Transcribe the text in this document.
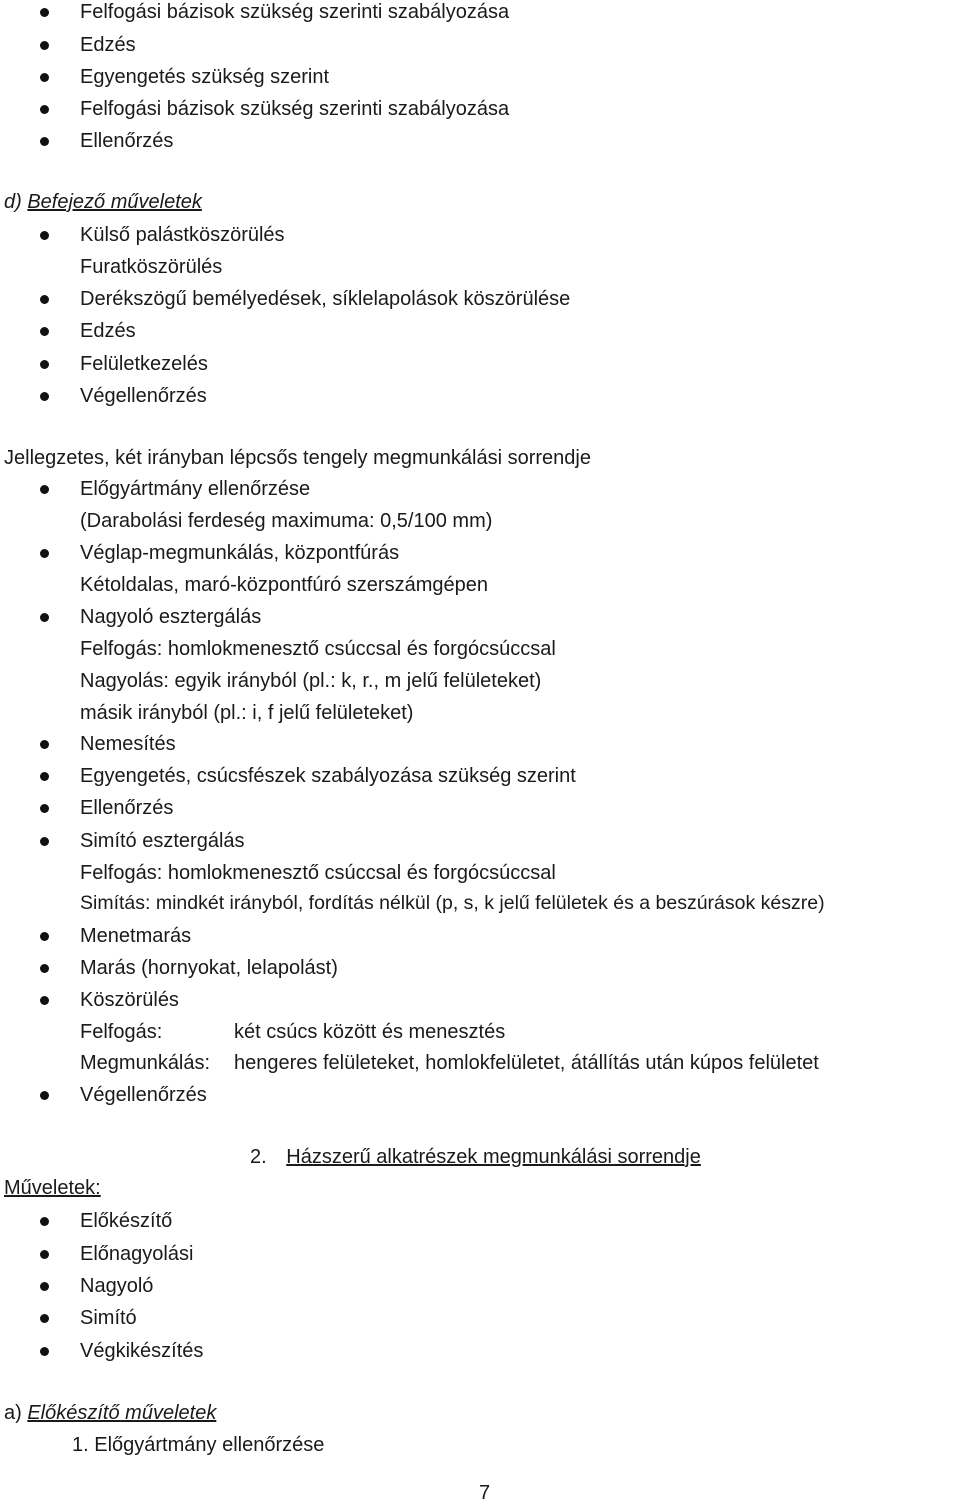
Felfogási bázisok szükség szerinti szabályozása
Edzés
Egyengetés szükség szerint
Felfogási bázisok szükség szerinti szabályozása
Ellenőrzés
d) Befejező műveletek
Külső palástköszörülés
Furatköszörülés
Derékszögű bemélyedések, síklelapolások köszörülése
Edzés
Felületkezelés
Végellenőrzés
Jellegzetes, két irányban lépcsős tengely megmunkálási sorrendje
Előgyártmány ellenőrzése
(Darabolási ferdeség maximuma: 0,5/100 mm)
Véglap-megmunkálás, központfúrás
Kétoldalas, maró-központfúró szerszámgépen
Nagyoló esztergálás
Felfogás: homlokmenesztő csúccsal és forgócsúccsal
Nagyolás: egyik irányból (pl.: k, r., m jelű felületeket)
másik irányból (pl.: i, f jelű felületeket)
Nemesítés
Egyengetés, csúcsfészek szabályozása szükség szerint
Ellenőrzés
Simító esztergálás
Felfogás: homlokmenesztő csúccsal és forgócsúccsal
Simítás: mindkét irányból, fordítás nélkül (p, s, k jelű felületek és a beszúrások készre)
Menetmarás
Marás (hornyokat, lelapolást)
Köszörülés
Felfogás:	két csúcs között és menesztés
Megmunkálás: hengeres felületeket, homlokfelületet, átállítás után kúpos felületet
Végellenőrzés
2. Házszerű alkatrészek megmunkálási sorrendje
Műveletek:
Előkészítő
Előnagyolási
Nagyoló
Simító
Végkikészítés
a) Előkészítő műveletek
1. Előgyártmány ellenőrzése
7
